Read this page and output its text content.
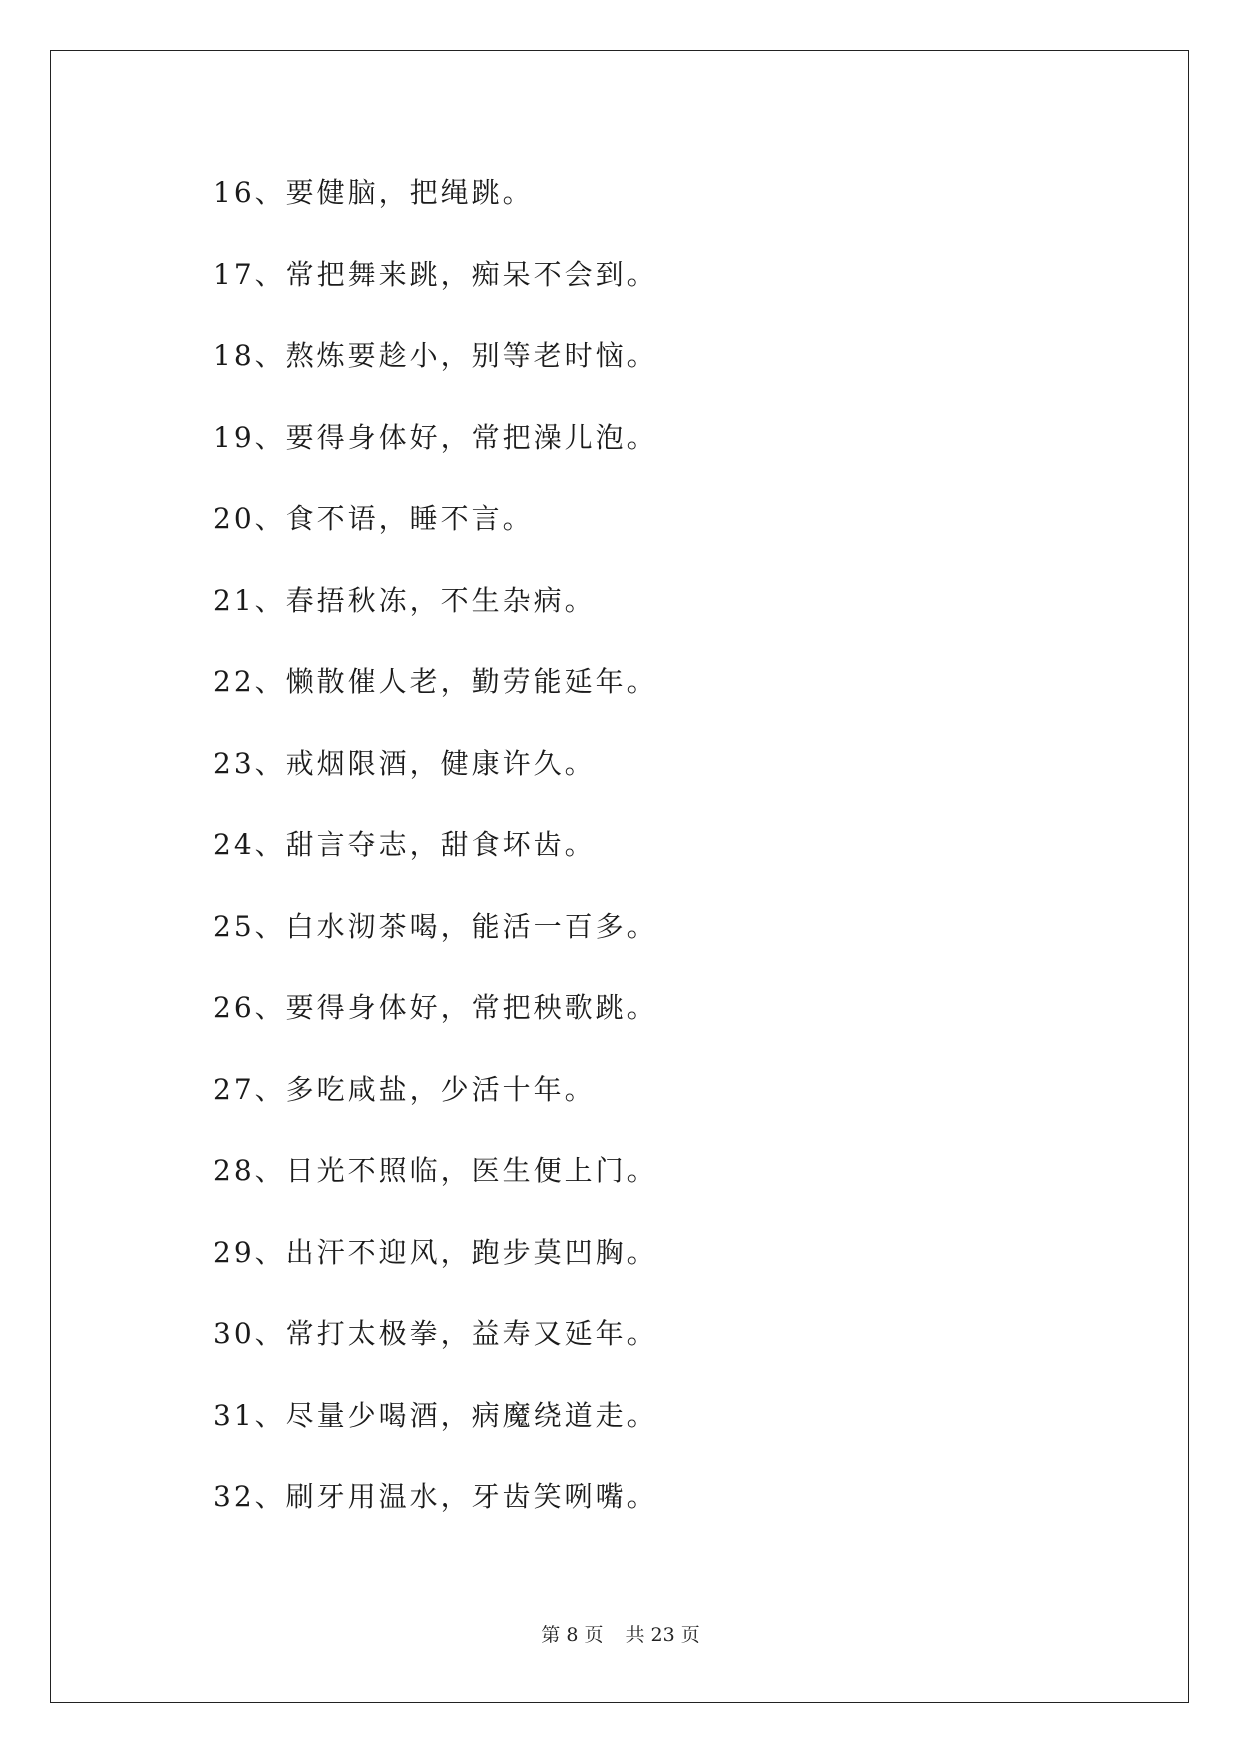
16、要健脑，把绳跳。
17、常把舞来跳，痴呆不会到。
18、熬炼要趁小，别等老时恼。
19、要得身体好，常把澡儿泡。
20、食不语，睡不言。
21、春捂秋冻，不生杂病。
22、懒散催人老，勤劳能延年。
23、戒烟限酒，健康许久。
24、甜言夺志，甜食坏齿。
25、白水沏茶喝，能活一百多。
26、要得身体好，常把秧歌跳。
27、多吃咸盐，少活十年。
28、日光不照临，医生便上门。
29、出汗不迎风，跑步莫凹胸。
30、常打太极拳，益寿又延年。
31、尽量少喝酒，病魔绕道走。
32、刷牙用温水，牙齿笑咧嘴。
第 8 页 共 23 页
